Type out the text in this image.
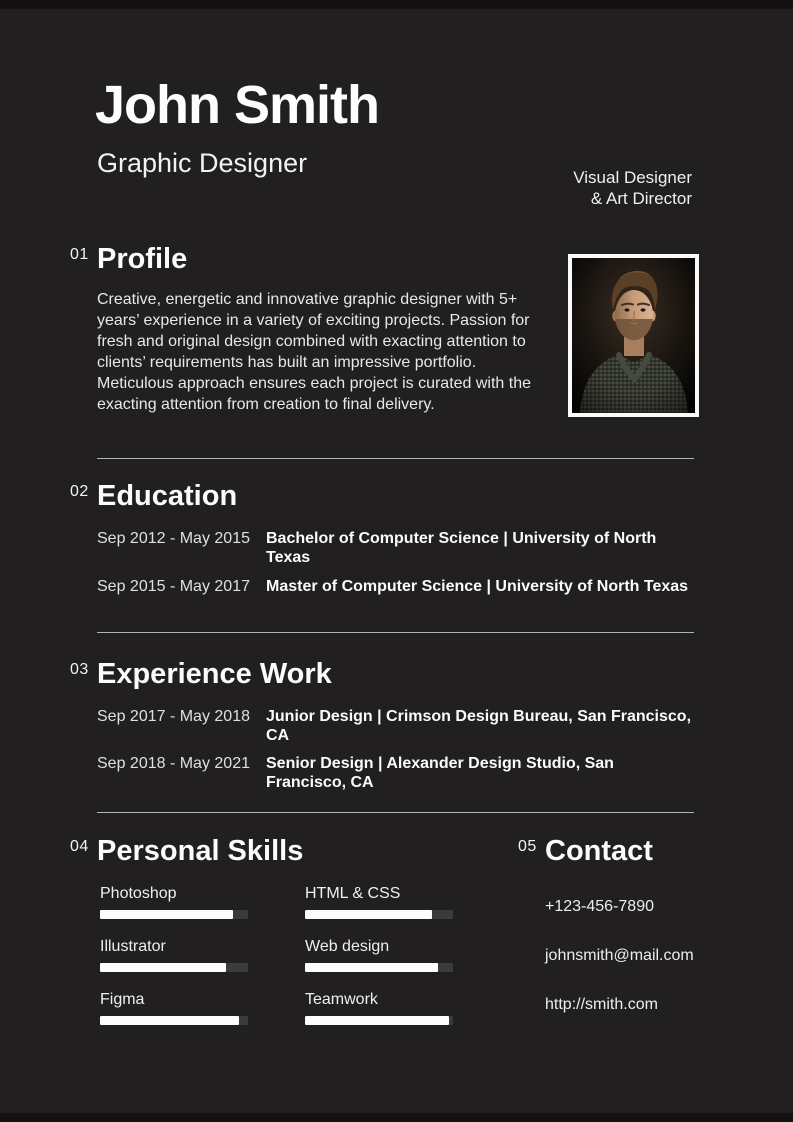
John Smith
Graphic Designer	Visual Designer
& Art Director
01 Profile
Creative, energetic and innovative graphic designer with 5+ years’ experience in a variety of exciting projects. Passion for fresh and original design combined with exacting attention to clients’ requirements has built an impressive portfolio. Meticulous approach ensures each project is curated with the exacting attention from creation to final delivery.
02 Education
Sep 2012 - May 2015	Bachelor of Computer Science | University of North Texas
Sep 2015 - May 2017	Master of Computer Science | University of North Texas
03 Experience Work
Sep 2017 - May 2018	Junior Design | Crimson Design Bureau, San Francisco, CA
Sep 2018 - May 2021	Senior Design | Alexander Design Studio, San Francisco, CA
04 Personal Skills
Photoshop	HTML & CSS
Illustrator	Web design
Figma	Teamwork
05 Contact
+123-456-7890
johnsmith@mail.com
http://smith.com
